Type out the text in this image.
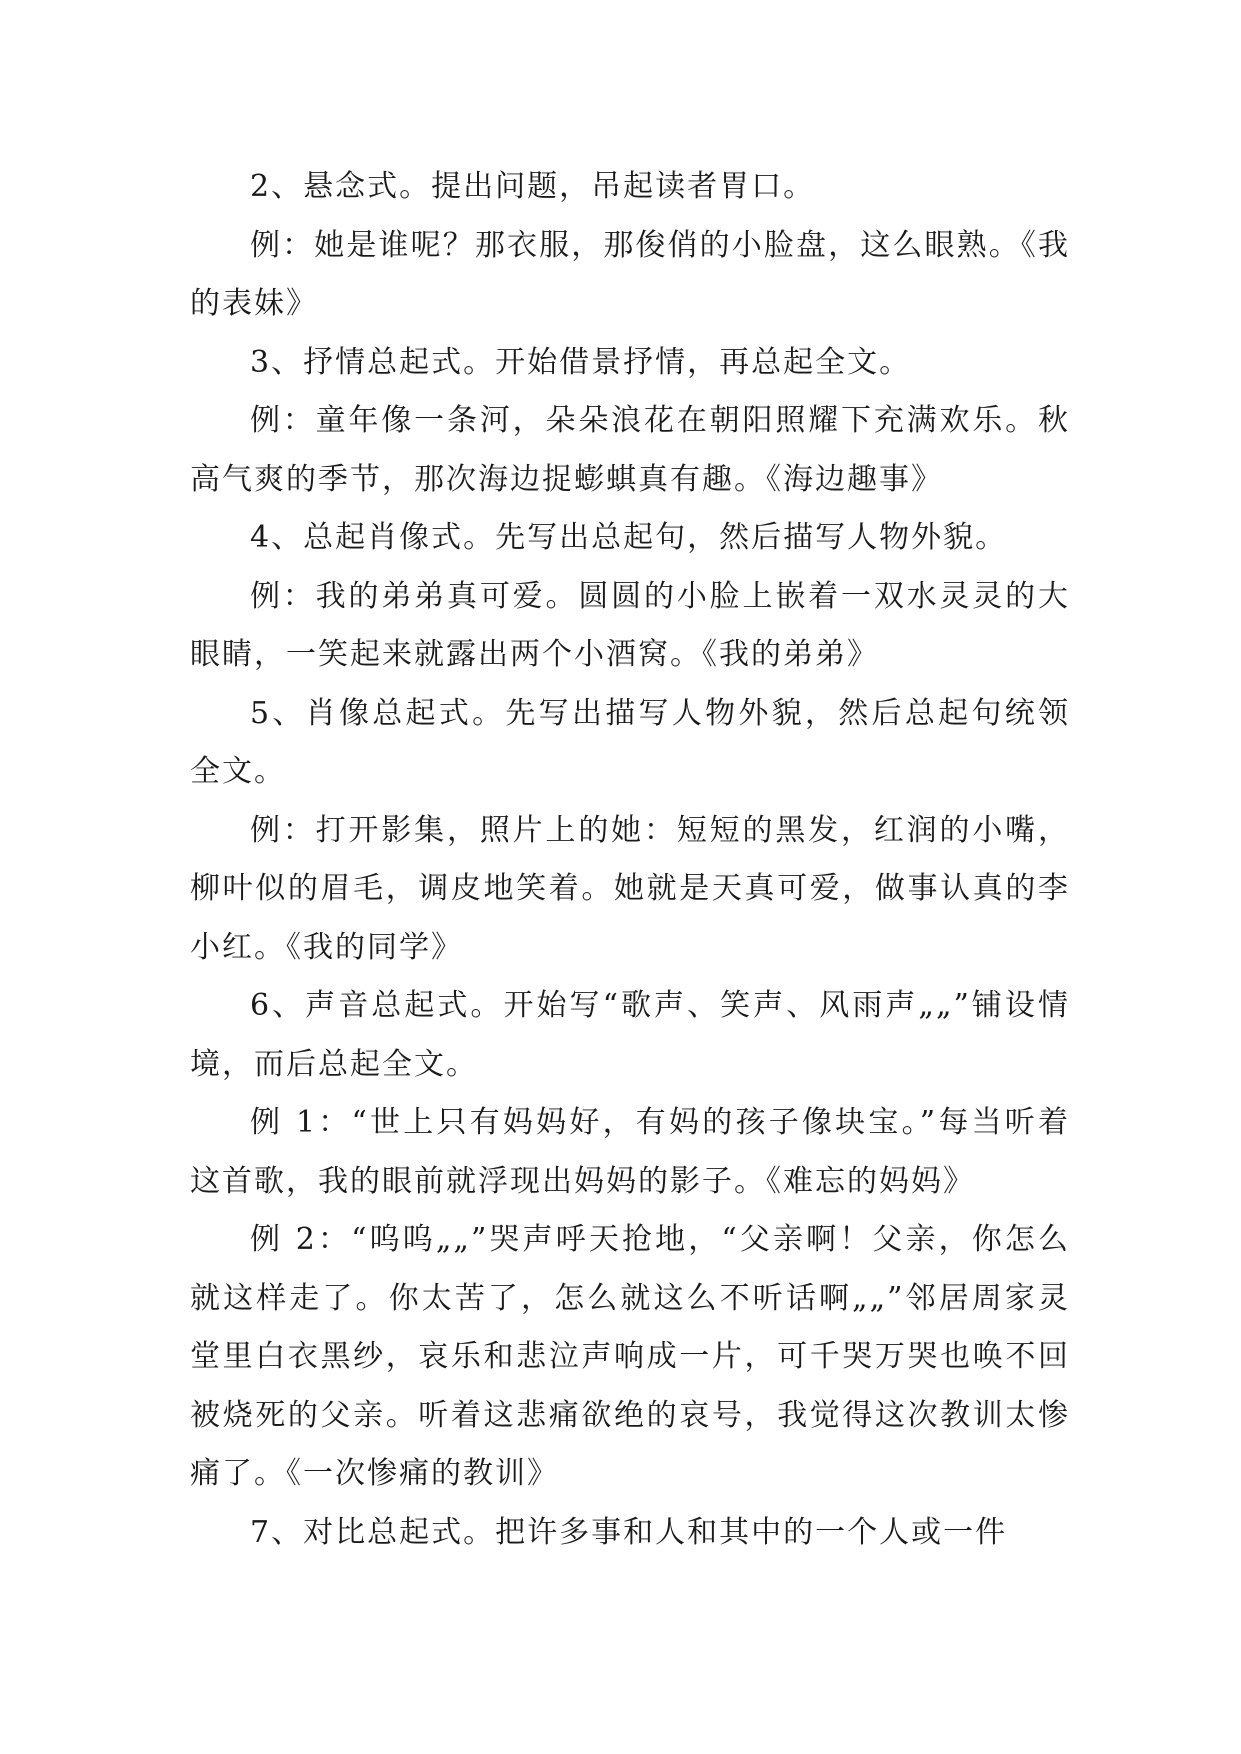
2、悬念式。提出问题，吊起读者胃口。

例：她是谁呢？那衣服，那俊俏的小脸盘，这么眼熟。《我的表妹》

3、抒情总起式。开始借景抒情，再总起全文。

例：童年像一条河，朵朵浪花在朝阳照耀下充满欢乐。秋高气爽的季节，那次海边捉蟛蜞真有趣。《海边趣事》

4、总起肖像式。先写出总起句，然后描写人物外貌。

例：我的弟弟真可爱。圆圆的小脸上嵌着一双水灵灵的大眼睛，一笑起来就露出两个小酒窝。《我的弟弟》

5、肖像总起式。先写出描写人物外貌，然后总起句统领全文。

例：打开影集，照片上的她：短短的黑发，红润的小嘴，柳叶似的眉毛，调皮地笑着。她就是天真可爱，做事认真的李小红。《我的同学》

6、声音总起式。开始写“歌声、笑声、风雨声„„”铺设情境，而后总起全文。

例 1：“世上只有妈妈好，有妈的孩子像块宝。”每当听着这首歌，我的眼前就浮现出妈妈的影子。《难忘的妈妈》

例 2：“呜呜„„”哭声呼天抢地，“父亲啊！父亲，你怎么就这样走了。你太苦了，怎么就这么不听话啊„„”邻居周家灵堂里白衣黑纱，哀乐和悲泣声响成一片，可千哭万哭也唤不回被烧死的父亲。听着这悲痛欲绝的哀号，我觉得这次教训太惨痛了。《一次惨痛的教训》

7、对比总起式。把许多事和人和其中的一个人或一件
